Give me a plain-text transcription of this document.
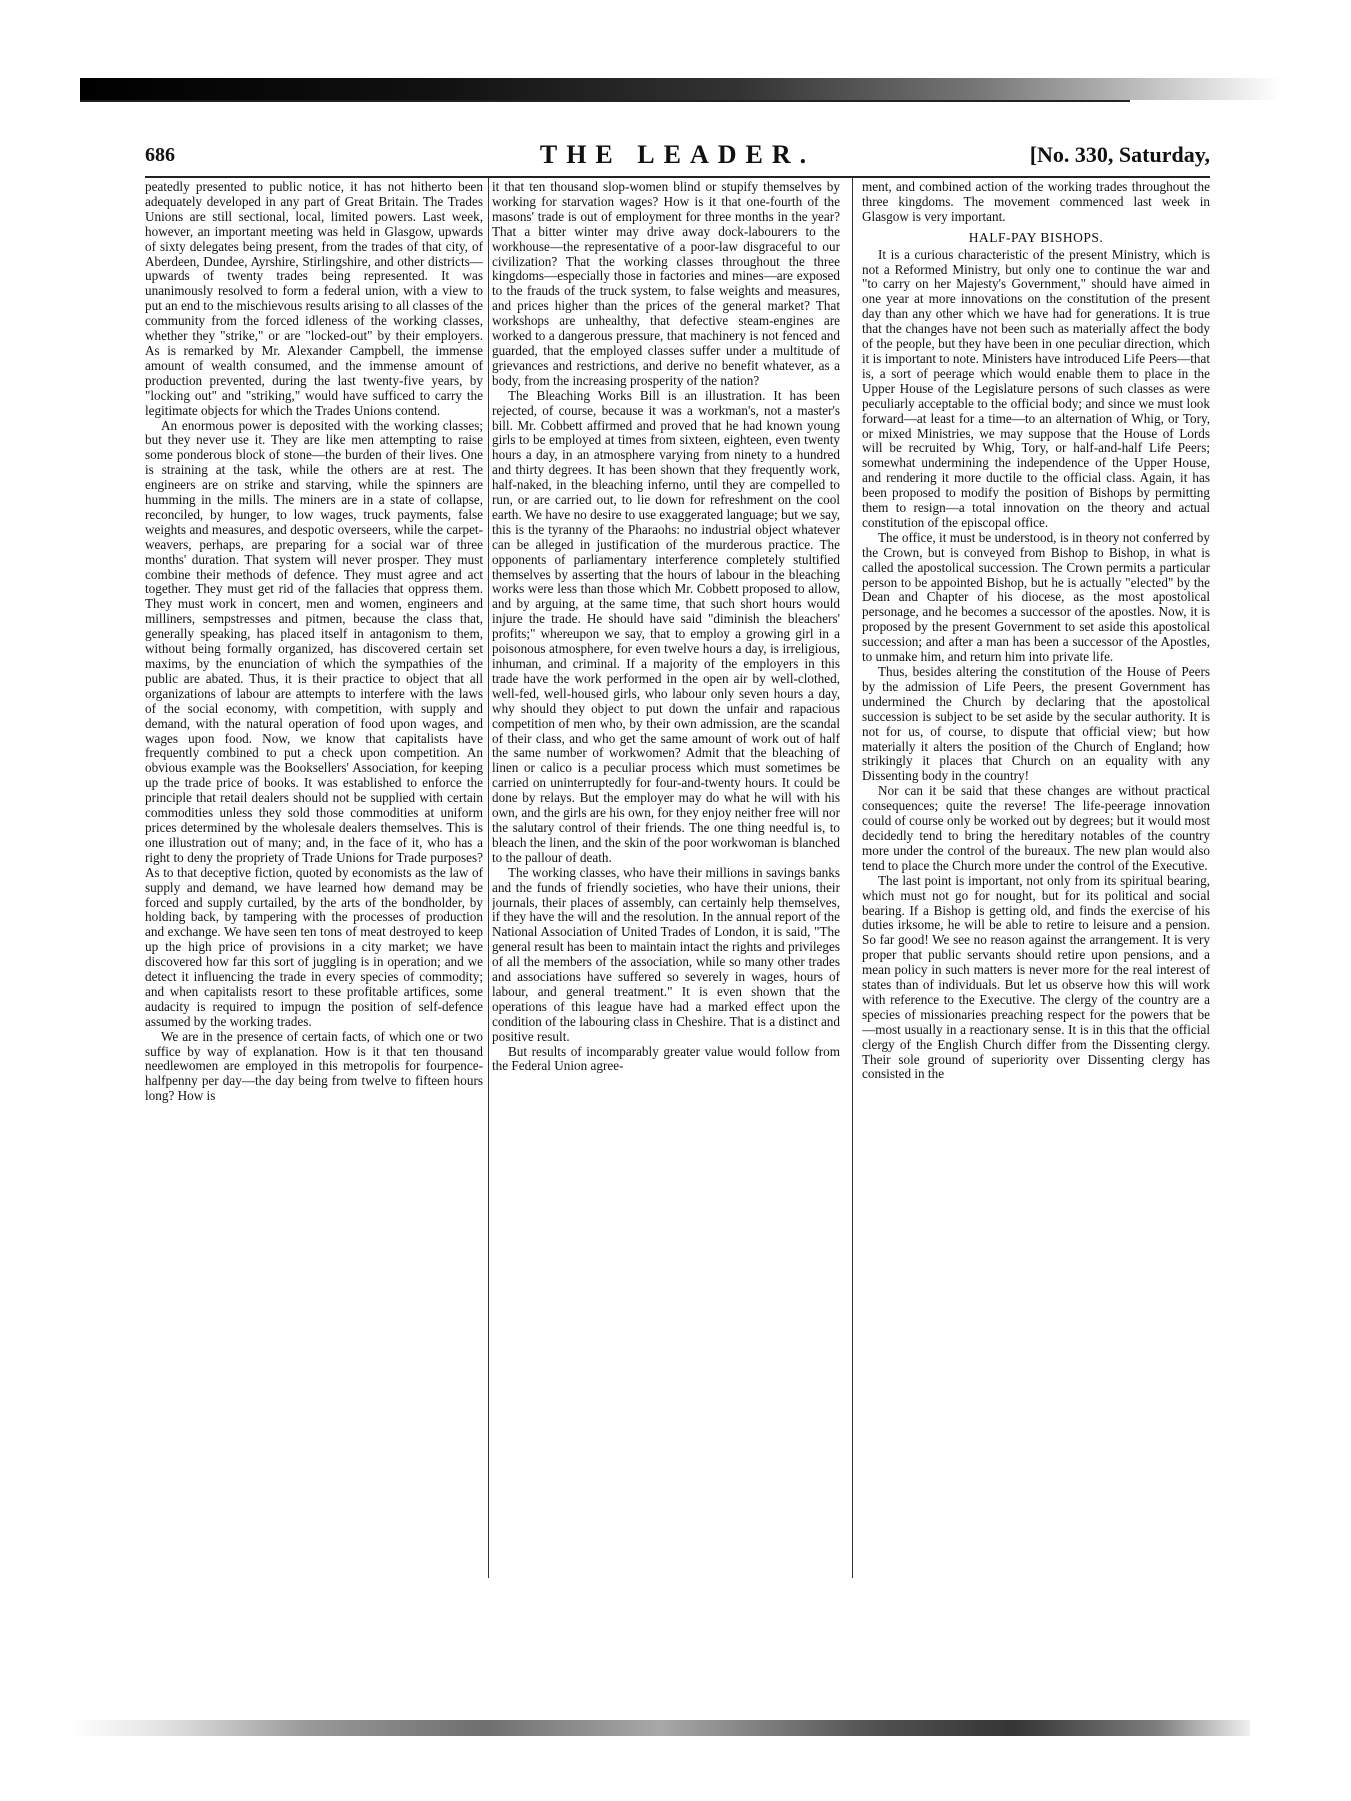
686	THE LEADER.	[No. 330, Saturday,

peatedly presented to public notice, it has not hitherto been adequately developed in any part of Great Britain. The Trades Unions are still sectional, local, limited powers. Last week, however, an important meeting was held in Glasgow, upwards of sixty delegates being present, from the trades of that city, of Aberdeen, Dundee, Ayrshire, Stirlingshire, and other districts—upwards of twenty trades being represented. It was unanimously resolved to form a federal union, with a view to put an end to the mischievous results arising to all classes of the community from the forced idleness of the working classes, whether they "strike," or are "locked-out" by their employers. As is remarked by Mr. Alexander Campbell, the immense amount of wealth consumed, and the immense amount of production prevented, during the last twenty-five years, by "locking out" and "striking," would have sufficed to carry the legitimate objects for which the Trades Unions contend.

An enormous power is deposited with the working classes; but they never use it. They are like men attempting to raise some ponderous block of stone—the burden of their lives. One is straining at the task, while the others are at rest. The engineers are on strike and starving, while the spinners are humming in the mills. The miners are in a state of collapse, reconciled, by hunger, to low wages, truck payments, false weights and measures, and despotic overseers, while the carpet-weavers, perhaps, are preparing for a social war of three months' duration. That system will never prosper. They must combine their methods of defence. They must agree and act together. They must get rid of the fallacies that oppress them. They must work in concert, men and women, engineers and milliners, sempstresses and pitmen, because the class that, generally speaking, has placed itself in antagonism to them, without being formally organized, has discovered certain set maxims, by the enunciation of which the sympathies of the public are abated. Thus, it is their practice to object that all organizations of labour are attempts to interfere with the laws of the social economy, with competition, with supply and demand, with the natural operation of food upon wages, and wages upon food. Now, we know that capitalists have frequently combined to put a check upon competition. An obvious example was the Booksellers' Association, for keeping up the trade price of books. It was established to enforce the principle that retail dealers should not be supplied with certain commodities unless they sold those commodities at uniform prices determined by the wholesale dealers themselves. This is one illustration out of many; and, in the face of it, who has a right to deny the propriety of Trade Unions for Trade purposes? As to that deceptive fiction, quoted by economists as the law of supply and demand, we have learned how demand may be forced and supply curtailed, by the arts of the bondholder, by holding back, by tampering with the processes of production and exchange. We have seen ten tons of meat destroyed to keep up the high price of provisions in a city market; we have discovered how far this sort of juggling is in operation; and we detect it influencing the trade in every species of commodity; and when capitalists resort to these profitable artifices, some audacity is required to impugn the position of self-defence assumed by the working trades.

We are in the presence of certain facts, of which one or two suffice by way of explanation. How is it that ten thousand needlewomen are employed in this metropolis for fourpence-halfpenny per day—the day being from twelve to fifteen hours long? How is

it that ten thousand slop-women blind or stupify themselves by working for starvation wages? How is it that one-fourth of the masons' trade is out of employment for three months in the year? That a bitter winter may drive away dock-labourers to the workhouse—the representative of a poor-law disgraceful to our civilization? That the working classes throughout the three kingdoms—especially those in factories and mines—are exposed to the frauds of the truck system, to false weights and measures, and prices higher than the prices of the general market? That workshops are unhealthy, that defective steam-engines are worked to a dangerous pressure, that machinery is not fenced and guarded, that the employed classes suffer under a multitude of grievances and restrictions, and derive no benefit whatever, as a body, from the increasing prosperity of the nation?

The Bleaching Works Bill is an illustration. It has been rejected, of course, because it was a workman's, not a master's bill. Mr. Cobbett affirmed and proved that he had known young girls to be employed at times from sixteen, eighteen, even twenty hours a day, in an atmosphere varying from ninety to a hundred and thirty degrees. It has been shown that they frequently work, half-naked, in the bleaching inferno, until they are compelled to run, or are carried out, to lie down for refreshment on the cool earth. We have no desire to use exaggerated language; but we say, this is the tyranny of the Pharaohs: no industrial object whatever can be alleged in justification of the murderous practice. The opponents of parliamentary interference completely stultified themselves by asserting that the hours of labour in the bleaching works were less than those which Mr. Cobbett proposed to allow, and by arguing, at the same time, that such short hours would injure the trade. He should have said "diminish the bleachers' profits;" whereupon we say, that to employ a growing girl in a poisonous atmosphere, for even twelve hours a day, is irreligious, inhuman, and criminal. If a majority of the employers in this trade have the work performed in the open air by well-clothed, well-fed, well-housed girls, who labour only seven hours a day, why should they object to put down the unfair and rapacious competition of men who, by their own admission, are the scandal of their class, and who get the same amount of work out of half the same number of workwomen? Admit that the bleaching of linen or calico is a peculiar process which must sometimes be carried on uninterruptedly for four-and-twenty hours. It could be done by relays. But the employer may do what he will with his own, and the girls are his own, for they enjoy neither free will nor the salutary control of their friends. The one thing needful is, to bleach the linen, and the skin of the poor workwoman is blanched to the pallour of death.

The working classes, who have their millions in savings banks and the funds of friendly societies, who have their unions, their journals, their places of assembly, can certainly help themselves, if they have the will and the resolution. In the annual report of the National Association of United Trades of London, it is said, "The general result has been to maintain intact the rights and privileges of all the members of the association, while so many other trades and associations have suffered so severely in wages, hours of labour, and general treatment." It is even shown that the operations of this league have had a marked effect upon the condition of the labouring class in Cheshire. That is a distinct and positive result.

But results of incomparably greater value would follow from the Federal Union agree-

ment, and combined action of the working trades throughout the three kingdoms. The movement commenced last week in Glasgow is very important.

HALF-PAY BISHOPS.

It is a curious characteristic of the present Ministry, which is not a Reformed Ministry, but only one to continue the war and "to carry on her Majesty's Government," should have aimed in one year at more innovations on the constitution of the present day than any other which we have had for generations. It is true that the changes have not been such as materially affect the body of the people, but they have been in one peculiar direction, which it is important to note. Ministers have introduced Life Peers—that is, a sort of peerage which would enable them to place in the Upper House of the Legislature persons of such classes as were peculiarly acceptable to the official body; and since we must look forward—at least for a time—to an alternation of Whig, or Tory, or mixed Ministries, we may suppose that the House of Lords will be recruited by Whig, Tory, or half-and-half Life Peers; somewhat undermining the independence of the Upper House, and rendering it more ductile to the official class. Again, it has been proposed to modify the position of Bishops by permitting them to resign—a total innovation on the theory and actual constitution of the episcopal office.

The office, it must be understood, is in theory not conferred by the Crown, but is conveyed from Bishop to Bishop, in what is called the apostolical succession. The Crown permits a particular person to be appointed Bishop, but he is actually "elected" by the Dean and Chapter of his diocese, as the most apostolical personage, and he becomes a successor of the apostles. Now, it is proposed by the present Government to set aside this apostolical succession; and after a man has been a successor of the Apostles, to unmake him, and return him into private life.

Thus, besides altering the constitution of the House of Peers by the admission of Life Peers, the present Government has undermined the Church by declaring that the apostolical succession is subject to be set aside by the secular authority. It is not for us, of course, to dispute that official view; but how materially it alters the position of the Church of England; how strikingly it places that Church on an equality with any Dissenting body in the country!

Nor can it be said that these changes are without practical consequences; quite the reverse! The life-peerage innovation could of course only be worked out by degrees; but it would most decidedly tend to bring the hereditary notables of the country more under the control of the bureaux. The new plan would also tend to place the Church more under the control of the Executive.

The last point is important, not only from its spiritual bearing, which must not go for nought, but for its political and social bearing. If a Bishop is getting old, and finds the exercise of his duties irksome, he will be able to retire to leisure and a pension. So far good! We see no reason against the arrangement. It is very proper that public servants should retire upon pensions, and a mean policy in such matters is never more for the real interest of states than of individuals. But let us observe how this will work with reference to the Executive. The clergy of the country are a species of missionaries preaching respect for the powers that be—most usually in a reactionary sense. It is in this that the official clergy of the English Church differ from the Dissenting clergy. Their sole ground of superiority over Dissenting clergy has consisted in the
